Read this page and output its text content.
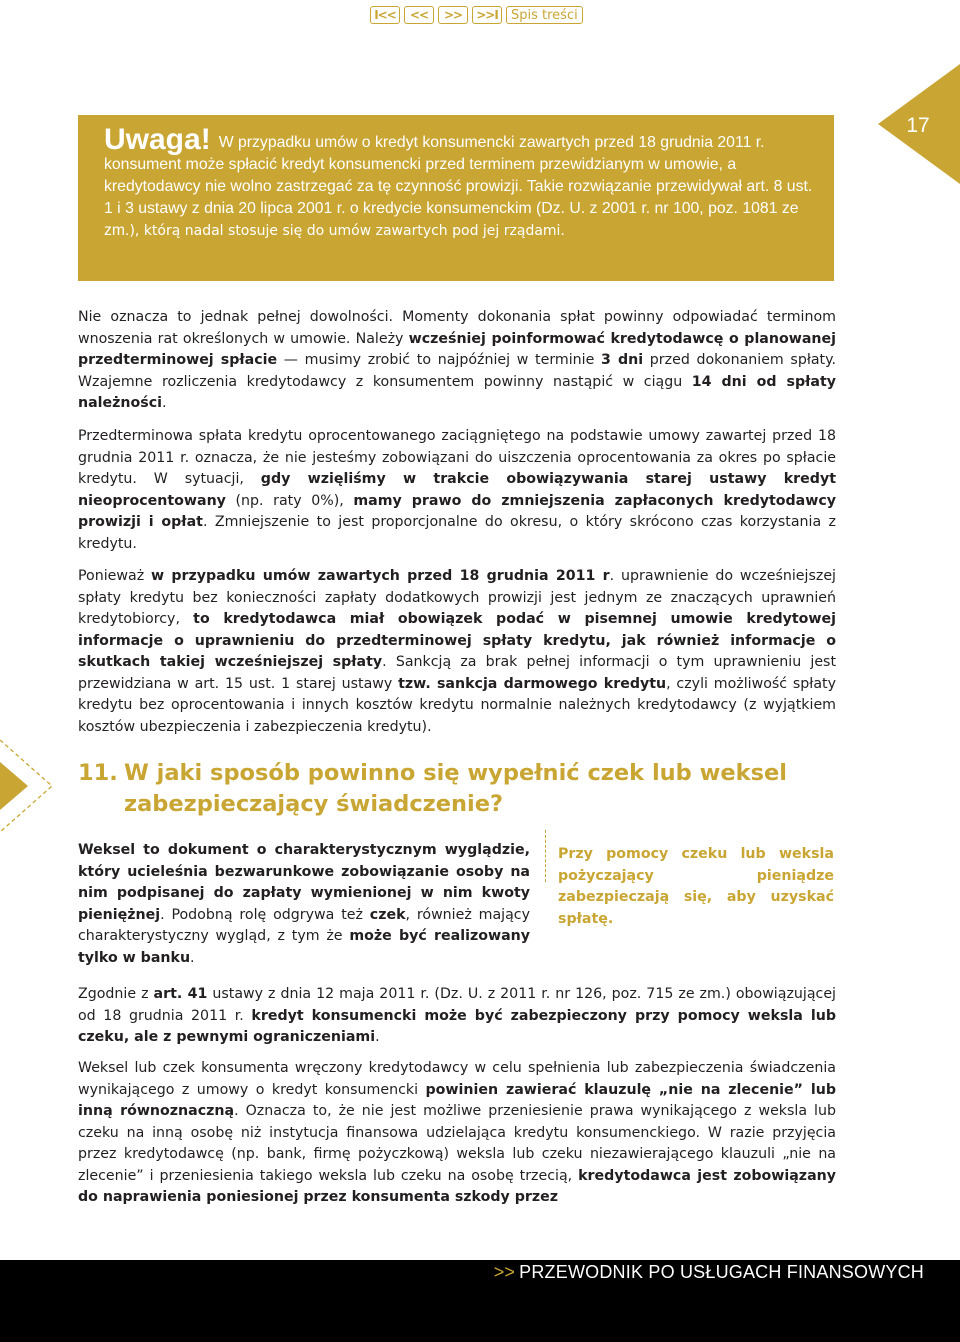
I<<	<<	>>	>>I	Spis treści
17
Uwaga! W przypadku umów o kredyt konsumencki zawartych przed 18 grudnia 2011 r. konsument może spłacić kredyt konsumencki przed terminem przewidzianym w umowie, a kredytodawcy nie wolno zastrzegać za tę czynność prowizji. Takie rozwiązanie przewidywał art. 8 ust. 1 i 3 ustawy z dnia 20 lipca 2001 r. o kredycie konsumenckim (Dz. U. z 2001 r. nr 100, poz. 1081 ze zm.), którą nadal stosuje się do umów zawartych pod jej rządami.
Nie oznacza to jednak pełnej dowolności. Momenty dokonania spłat powinny odpowiadać terminom wnoszenia rat określonych w umowie. Należy wcześniej poinformować kredytodawcę o planowanej przedterminowej spłacie — musimy zrobić to najpóźniej w terminie 3 dni przed dokonaniem spłaty. Wzajemne rozliczenia kredytodawcy z konsumentem powinny nastąpić w ciągu 14 dni od spłaty należności.
Przedterminowa spłata kredytu oprocentowanego zaciągniętego na podstawie umowy zawartej przed 18 grudnia 2011 r. oznacza, że nie jesteśmy zobowiązani do uiszczenia oprocentowania za okres po spłacie kredytu. W sytuacji, gdy wzięliśmy w trakcie obowiązywania starej ustawy kredyt nieoprocentowany (np. raty 0%), mamy prawo do zmniejszenia zapłaconych kredytodawcy prowizji i opłat. Zmniejszenie to jest proporcjonalne do okresu, o który skrócono czas korzystania z kredytu.
Ponieważ w przypadku umów zawartych przed 18 grudnia 2011 r. uprawnienie do wcześniejszej spłaty kredytu bez konieczności zapłaty dodatkowych prowizji jest jednym ze znaczących uprawnień kredytobiorcy, to kredytodawca miał obowiązek podać w pisemnej umowie kredytowej informacje o uprawnieniu do przedterminowej spłaty kredytu, jak również informacje o skutkach takiej wcześniejszej spłaty. Sankcją za brak pełnej informacji o tym uprawnieniu jest przewidziana w art. 15 ust. 1 starej ustawy tzw. sankcja darmowego kredytu, czyli możliwość spłaty kredytu bez oprocentowania i innych kosztów kredytu normalnie należnych kredytodawcy (z wyjątkiem kosztów ubezpieczenia i zabezpieczenia kredytu).
11. W jaki sposób powinno się wypełnić czek lub weksel
zabezpieczający świadczenie?
Weksel to dokument o charakterystycznym wyglądzie, który ucieleśnia bezwarunkowe zobowiązanie osoby na nim podpisanej do zapłaty wymienionej w nim kwoty pieniężnej. Podobną rolę odgrywa też czek, również mający charakterystyczny wygląd, z tym że może być realizowany tylko w banku.
Przy pomocy czeku lub weksla pożyczający pieniądze zabezpieczają się, aby uzyskać spłatę.
Zgodnie z art. 41 ustawy z dnia 12 maja 2011 r. (Dz. U. z 2011 r. nr 126, poz. 715 ze zm.) obowiązującej od 18 grudnia 2011 r. kredyt konsumencki może być zabezpieczony przy pomocy weksla lub czeku, ale z pewnymi ograniczeniami.
Weksel lub czek konsumenta wręczony kredytodawcy w celu spełnienia lub zabezpieczenia świadczenia wynikającego z umowy o kredyt konsumencki powinien zawierać klauzulę „nie na zlecenie” lub inną równoznaczną. Oznacza to, że nie jest możliwe przeniesienie prawa wynikającego z weksla lub czeku na inną osobę niż instytucja finansowa udzielająca kredytu konsumenckiego. W razie przyjęcia przez kredytodawcę (np. bank, firmę pożyczkową) weksla lub czeku niezawierającego klauzuli „nie na zlecenie” i przeniesienia takiego weksla lub czeku na osobę trzecią, kredytodawca jest zobowiązany do naprawienia poniesionej przez konsumenta szkody przez
>> PRZEWODNIK PO USŁUGACH FINANSOWYCH
